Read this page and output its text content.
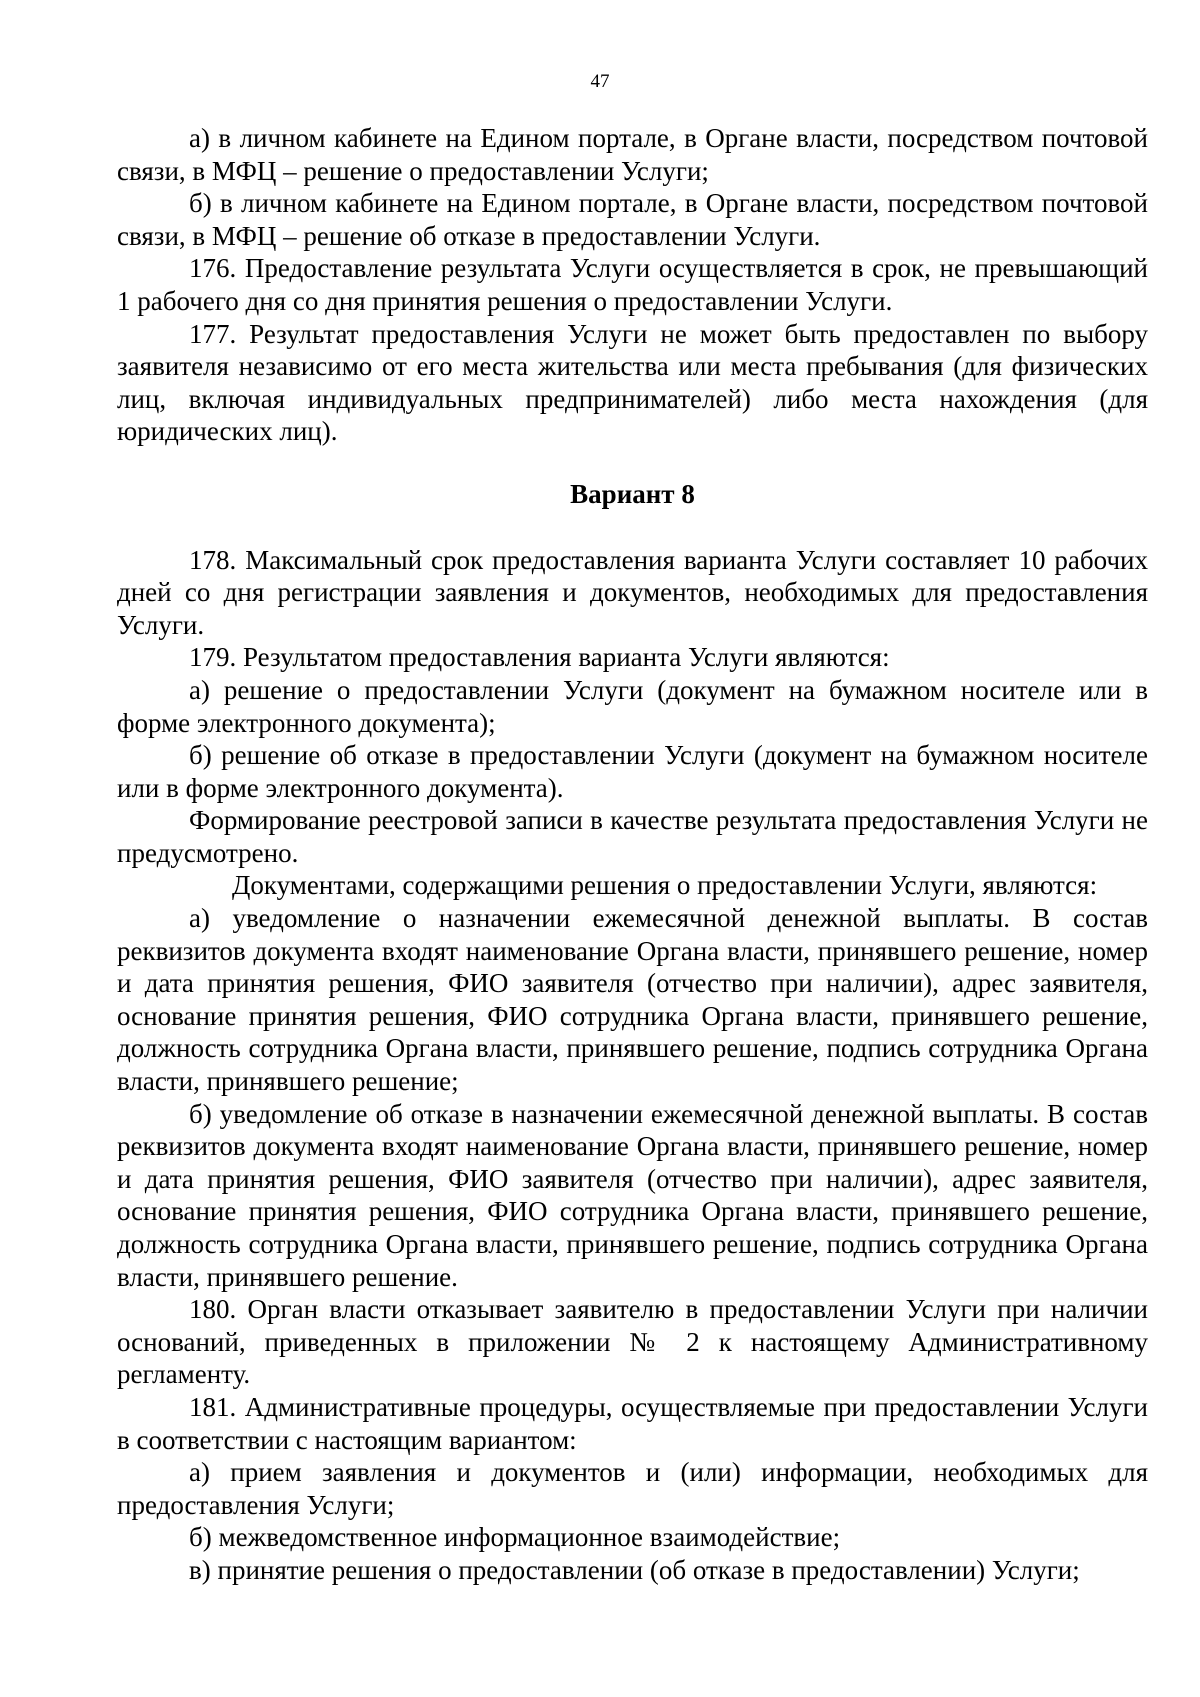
47

а) в личном кабинете на Едином портале, в Органе власти, посредством почтовой связи, в МФЦ – решение о предоставлении Услуги;

б) в личном кабинете на Едином портале, в Органе власти, посредством почтовой связи, в МФЦ – решение об отказе в предоставлении Услуги.

176. Предоставление результата Услуги осуществляется в срок, не превышающий 1 рабочего дня со дня принятия решения о предоставлении Услуги.

177. Результат предоставления Услуги не может быть предоставлен по выбору заявителя независимо от его места жительства или места пребывания (для физических лиц, включая индивидуальных предпринимателей) либо места нахождения (для юридических лиц).

Вариант 8

178. Максимальный срок предоставления варианта Услуги составляет 10 рабочих дней со дня регистрации заявления и документов, необходимых для предоставления Услуги.

179. Результатом предоставления варианта Услуги являются:

а) решение о предоставлении Услуги (документ на бумажном носителе или в форме электронного документа);

б) решение об отказе в предоставлении Услуги (документ на бумажном носителе или в форме электронного документа).

Формирование реестровой записи в качестве результата предоставления Услуги не предусмотрено.

Документами, содержащими решения о предоставлении Услуги, являются:

а) уведомление о назначении ежемесячной денежной выплаты. В состав реквизитов документа входят наименование Органа власти, принявшего решение, номер и дата принятия решения, ФИО заявителя (отчество при наличии), адрес заявителя, основание принятия решения, ФИО сотрудника Органа власти, принявшего решение, должность сотрудника Органа власти, принявшего решение, подпись сотрудника Органа власти, принявшего решение;

б) уведомление об отказе в назначении ежемесячной денежной выплаты. В состав реквизитов документа входят наименование Органа власти, принявшего решение, номер и дата принятия решения, ФИО заявителя (отчество при наличии), адрес заявителя, основание принятия решения, ФИО сотрудника Органа власти, принявшего решение, должность сотрудника Органа власти, принявшего решение, подпись сотрудника Органа власти, принявшего решение.

180. Орган власти отказывает заявителю в предоставлении Услуги при наличии оснований, приведенных в приложении № 2 к настоящему Административному регламенту.

181. Административные процедуры, осуществляемые при предоставлении Услуги в соответствии с настоящим вариантом:

а) прием заявления и документов и (или) информации, необходимых для предоставления Услуги;

б) межведомственное информационное взаимодействие;

в) принятие решения о предоставлении (об отказе в предоставлении) Услуги;
